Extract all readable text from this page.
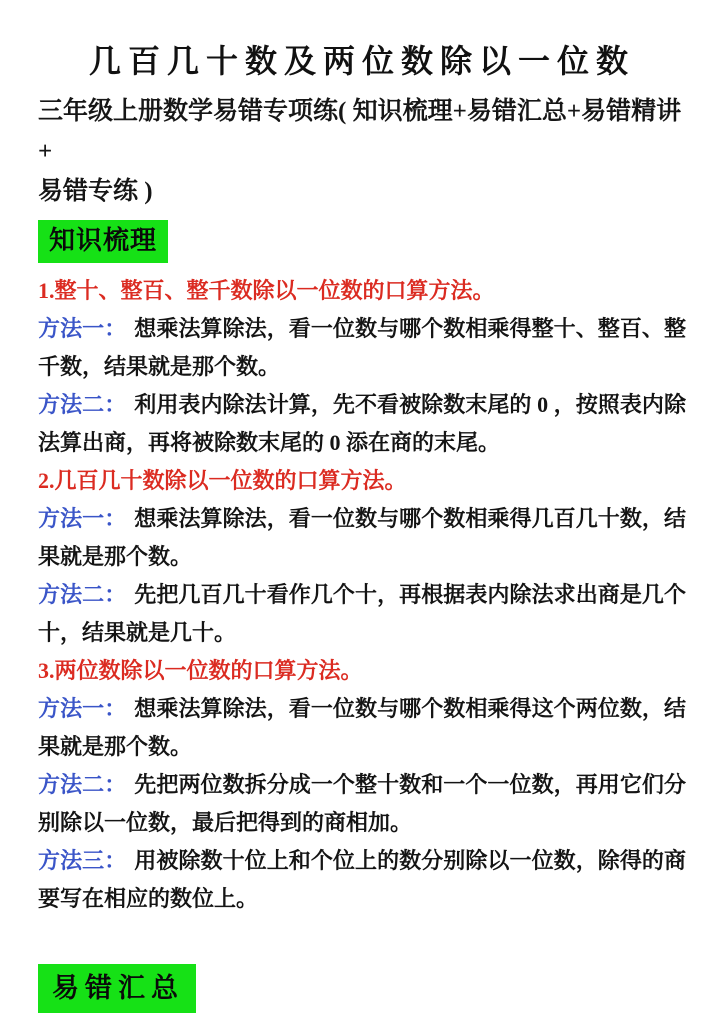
几百几十数及两位数除以一位数
三年级上册数学易错专项练( 知识梳理+易错汇总+易错精讲+
易错专练 )
知识梳理

1.整十、整百、整千数除以一位数的口算方法。

方法一： 想乘法算除法，看一位数与哪个数相乘得整十、整百、整千数，结果就是那个数。

方法二： 利用表内除法计算，先不看被除数末尾的 0 ，按照表内除法算出商，再将被除数末尾的 0 添在商的末尾。

2.几百几十数除以一位数的口算方法。

方法一： 想乘法算除法，看一位数与哪个数相乘得几百几十数，结果就是那个数。

方法二： 先把几百几十看作几个十，再根据表内除法求出商是几个十，结果就是几十。

3.两位数除以一位数的口算方法。

方法一： 想乘法算除法，看一位数与哪个数相乘得这个两位数，结果就是那个数。

方法二： 先把两位数拆分成一个整十数和一个一位数，再用它们分别除以一位数，最后把得到的商相加。

方法三： 用被除数十位上和个位上的数分别除以一位数，除得的商要写在相应的数位上。

易错汇总
